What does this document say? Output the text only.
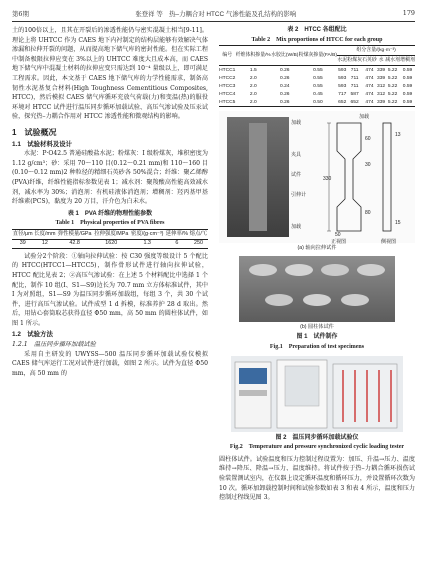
第6期	张登祥 等　热–力耦合对 HTCC 气渗性能及孔结构的影响	179

土的100倍以上，且其在开裂后的渗透性能仍与密实混凝土相当[9-11]。理论上将 UHTCC 作为 CAES 地下内衬制定的结构层能够有效解决气体渗漏和拉伸开裂的问题，从而提高地下储气库的密封性能。但在实际工程中制备极限拉伸应变在 3%以上的 UHTCC 难度大且成本高，而 CAES 地下储气库中混凝土材料的拉伸应变只需达到 10⁻⁴ 量级以上，即可满足工程需求。因此，本文基于 CAES 地下储气库的力学性能需求，制备高韧性水泥基复合材料(High Toughness Cementitious Composites, HTCC)，然后模拟 CAES 储气库循环充放气荷载(力)和变温(热)的服役环境对 HTCC 试件进行温压同步循环加载试验、高压气渗试验及压汞试验，探究热–力耦合作用对 HTCC 渗透性能和微观结构的影响。

1　试验概况
1.1　试验材料及设计

水泥：P·O42.5 普通硅酸盐水泥；粉煤灰：I 级粉煤灰，堆积密度为 1.12 g/cm³；砂：采用 70～110 目(0.12～0.21 mm)和 110～160 目(0.10～0.12 mm)2 种粒径的精细石英砂各 50%混合；纤维：聚乙烯醇(PVA)纤维，纤维性能指标参数见表 1；减水剂：聚羧酸高性能高效减水剂，减水率为 30%；消泡剂：有机硅液体消泡剂；增稠剂：羟丙基甲基纤维素(PCS)，黏度为 20 万目，汗介色为白未水。

表 1　PVA 纤维的物理性能参数
Table 1　Physical properties of PVA fibres
直径/μm	长度/mm	弹性模量/GPa	拉伸强度/MPa	密度/(g·cm⁻³)	延伸率/%	熔点/℃
39	12	42.8	1620	1.3	6	250

试验分2个阶段：①轴向拉伸试验：按 C30 强度等级设计 5 个配比的 HTCC(HTCC1—HTCC5)，制作骨形试件进行轴向拉伸试验，HTCC 配比见表 2；②高压气渗试验：在上述 5 个材料配比中选择 1 个配比，制作 10 组(I、S1—S9)边长为 70.7 mm 立方体标准试件，其中 I 为对照组，S1—S9 为温压同步循环加载组，每组 3 个，共 30 个试件，进行高压气渗试验。试件成型 1 d 拆模，标准养护 28 d 取出。然后，用钻心套筒取芯获得直径 Φ50 mm，高 50 mm 的圆柱体试件，如图 1 所示。

1.2　试验方法
1.2.1　温压同步循环加载试验

采用自主研发的 UWYSS—500 温压同步循环加载试验仪模拟 CAES 储气库运行工况对试件进行加载，如图 2 所示。试件为直径 Φ50 mm，高 50 mm 的

表 2　HTCC 各组配比
Table 2　Mix proportions of HTCC for each group
编号	纤维体积掺量/%	水胶比(W/B)	粉煤灰掺量(FA/B)	组分含量/(kg·m⁻³)					
				水泥	粉煤灰	石英砂	水	减水剂	增稠剂
HTCC1	1.5	0.26	0.55	593	711	474	339	5.22	0.59
HTCC2	2.0	0.26	0.55	593	711	474	339	5.22	0.59
HTCC3	2.0	0.24	0.55	593	711	474	312	5.22	0.59
HTCC4	2.0	0.26	0.45	717	587	474	312	5.22	0.59
HTCC5	2.0	0.26	0.50	652	652	474	339	5.22	0.59
加载
夹具
试件
引伸计
加载
加载
330
60
30
80
13
15
50
正视图	侧视图
(a) 轴向拉伸试件
(b) 圆柱体试件
图 1　试件制作
Fig.1　Preparation of test specimens
图 2　温压同步循环加载试验仪
Fig.2　Temperature and pressure synchronized cyclic loading tester

圆柱体试件。试验温度和压力控制过程设置为：加压、升温→压力、温度维持→降压、降温→压力、温度维持。将试件按于热–力耦合循环损伤试验装置测试室内，在仪器上设定循环温度和循环压力，并设置循环次数为 10 次。循环加卸载控制时间和试验参数如表 3 和表 4 所示，温度和压力控制过程线见图 3。
